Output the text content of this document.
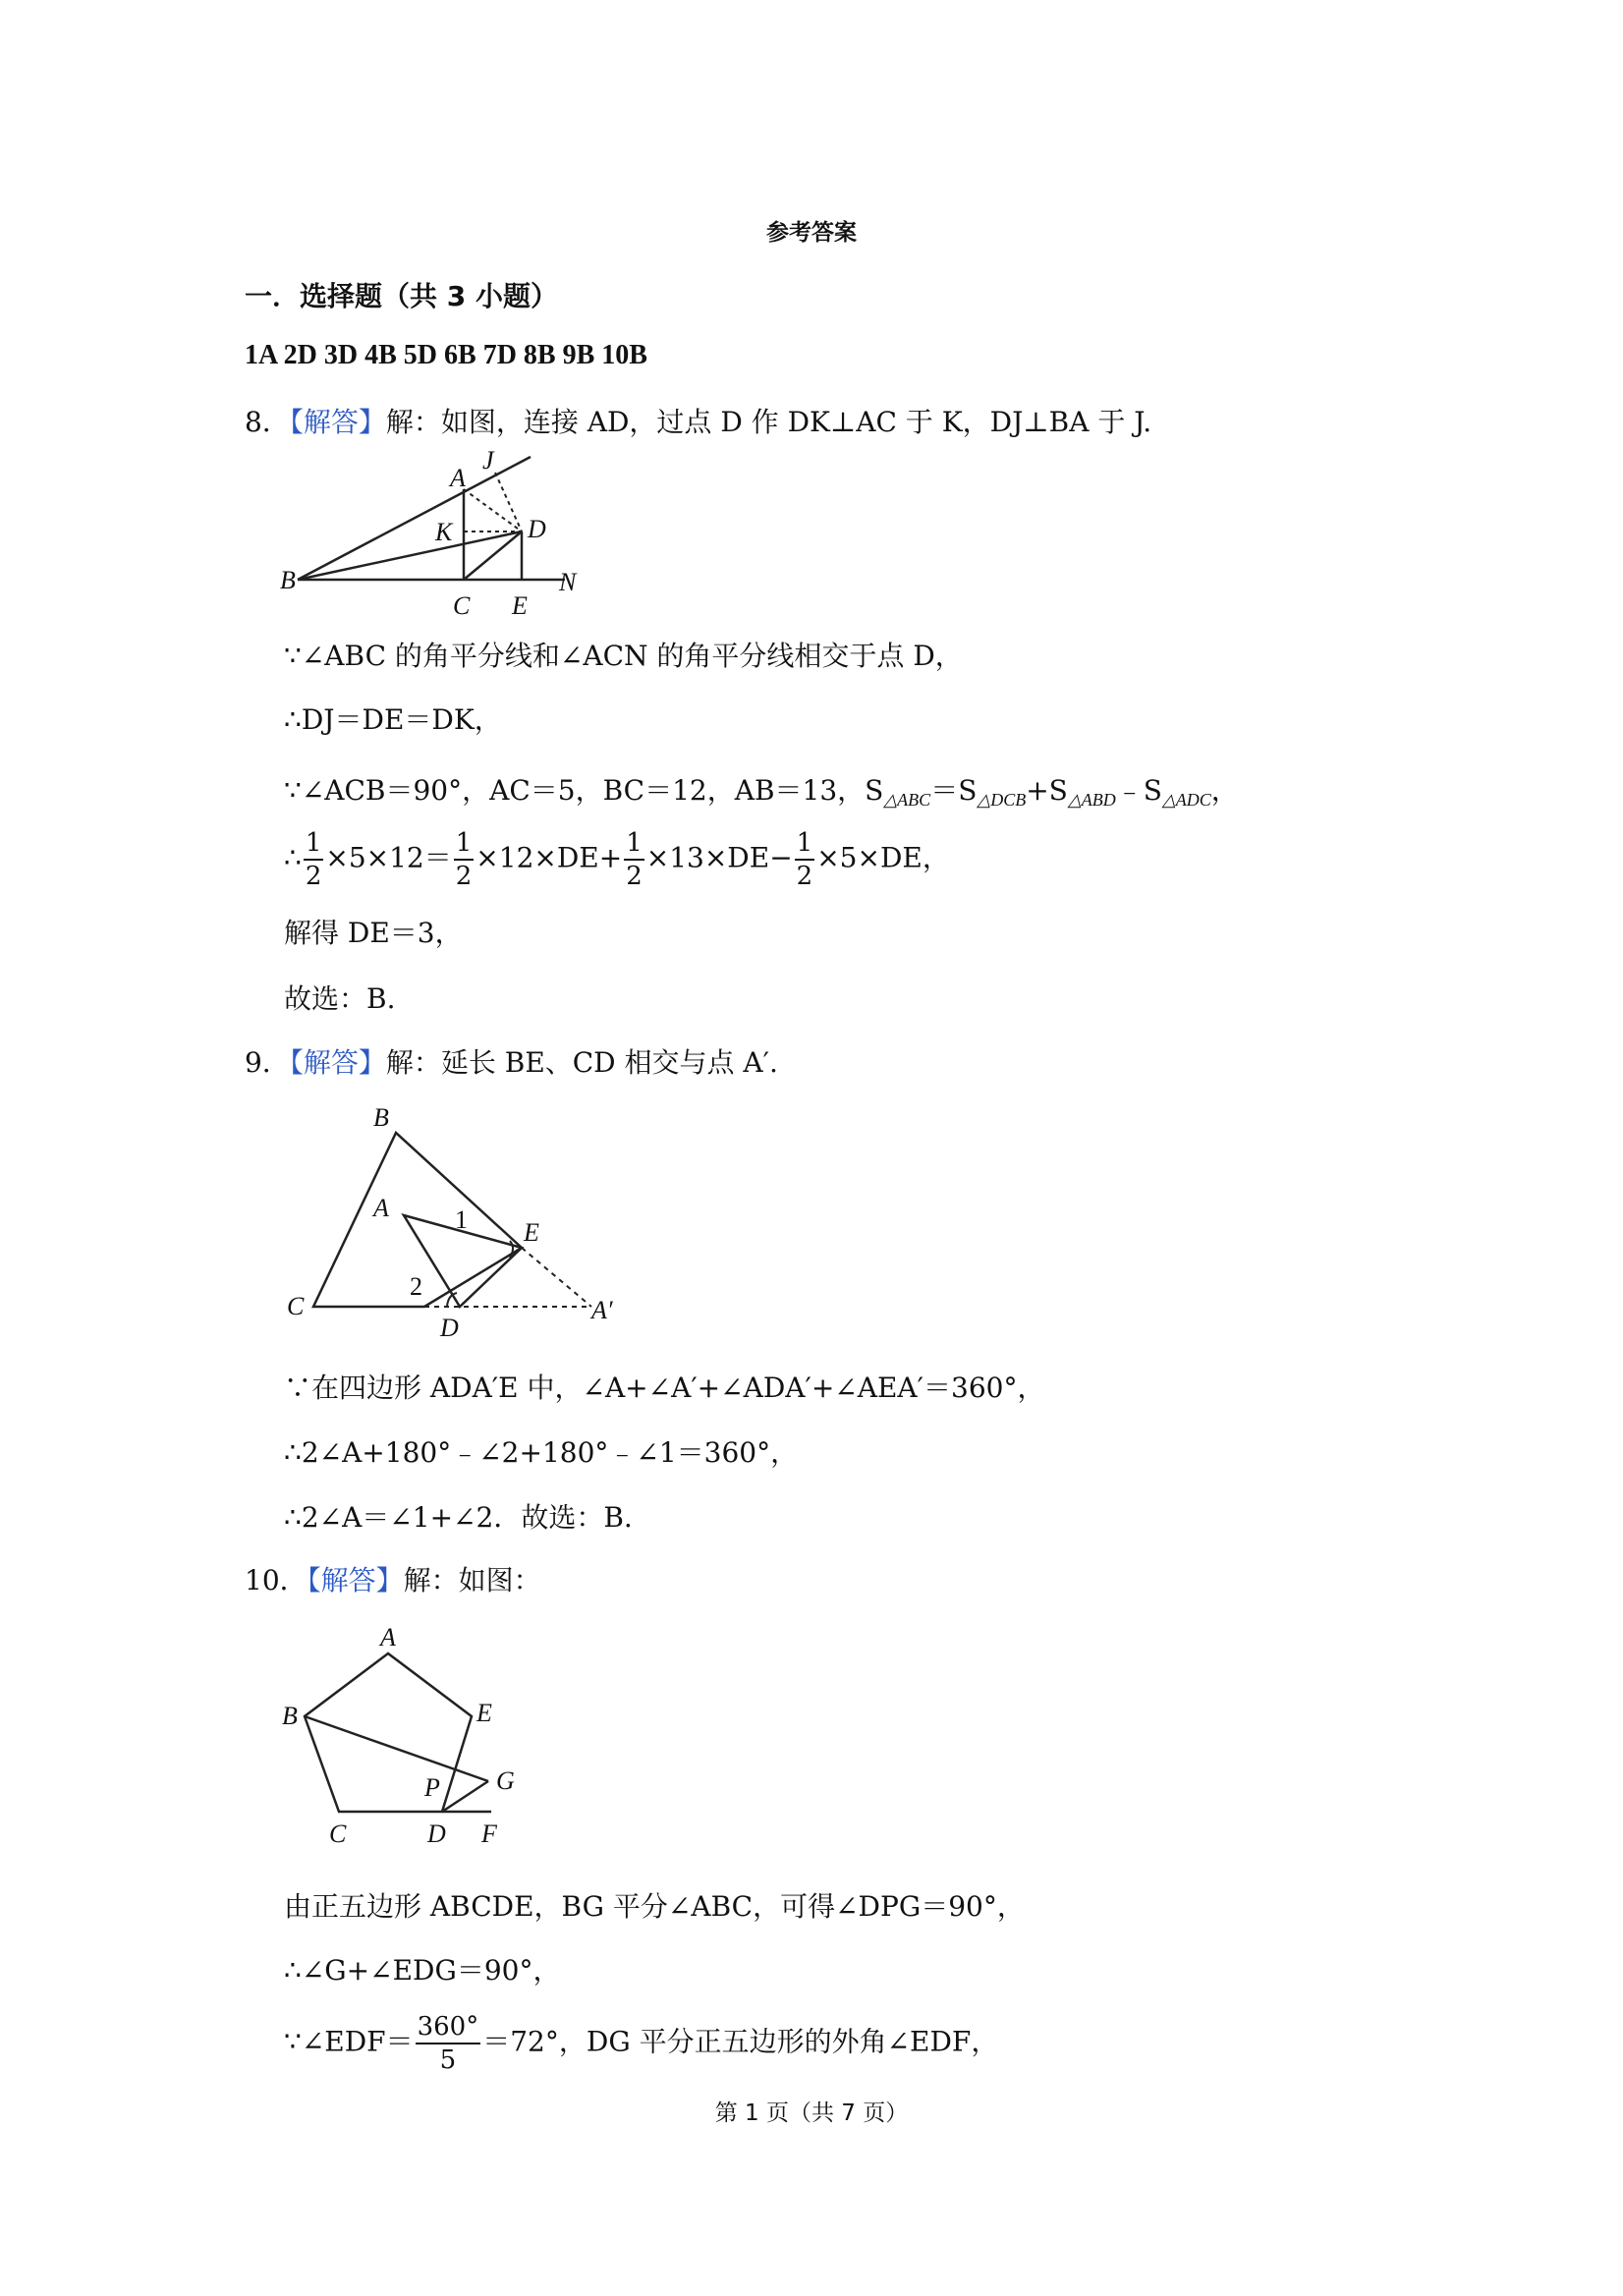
参考答案
一．选择题（共 3 小题）
1A 2D 3D 4B 5D 6B 7D 8B 9B 10B
8．【解答】解：如图，连接 AD，过点 D 作 DK⊥AC 于 K，DJ⊥BA 于 J.
A
J
K	D
B
C E
N
∵∠ABC 的角平分线和∠ACN 的角平分线相交于点 D，
∴DJ＝DE＝DK，
∵∠ACB＝90°，AC＝5，BC＝12，AB＝13，$S_{\triangle ABC}=S_{\triangle DCB}+S_{\triangle ABD}﹣S_{\triangle ADC}$，
∴ $\frac{1}{2} \times 5\times 12= \frac{1}{2} \times 12\times DE+ \frac{1}{2} \times 13\times DE- \frac{1}{2} \times 5\times DE$，
解得 DE＝3，
故选：B.
9．【解答】解：延长 BE、CD 相交与点 A′.
B
A	1 E
2
C
D
A′
∵在四边形 ADA′E 中，∠A+∠A′+∠ADA′+∠AEA′＝360°，
∴2∠A+180°﹣∠2+180°﹣∠1＝360°，
∴2∠A＝∠1+∠2．故选：B.
10．【解答】解：如图：
A
B	E
G
P
C	D F
由正五边形 ABCDE，BG 平分∠ABC，可得∠DPG＝90°，
∴∠G+∠EDG＝90°，
∵∠EDF＝ $\frac{360^\circ}{5} =72^\circ$，DG 平分正五边形的外角∠EDF，
第 1 页（共 7 页）
